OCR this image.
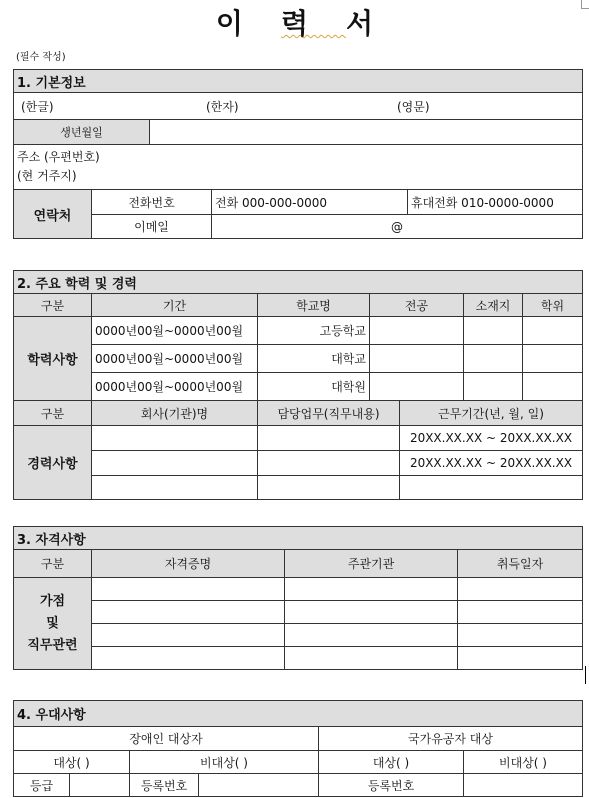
이력서
(필수 작성)
1. 기본정보				
(한글) (한자) (영문)				
생년월일				

주소 (우편번호)
(현 거주지)				

연락처	전화번호		전화 000-000-0000	휴대전화 010-0000-0000
	이메일		@	
2. 주요 학력 및 경력						
구분	기간	학교명	전공		소재지	학위
학력사항	0000년00월~0000년00월	고등학교				
	0000년00월~0000년00월	대학교				
	0000년00월~0000년00월	대학원				
구분	회사(기관)명	담당업무(직무내용)		근무기간(년, 월, 일)		
경력사항				20XX.XX.XX ~ 20XX.XX.XX		
				20XX.XX.XX ~ 20XX.XX.XX		

3. 자격사항			
구분	자격증명	주관기관	취득일자

가점
및
직무관련			

4. 우대사항					
장애인 대상자				국가유공자 대상	
대상( )		비대상( )		대상( )	비대상( )
등급		등록번호		등록번호	
